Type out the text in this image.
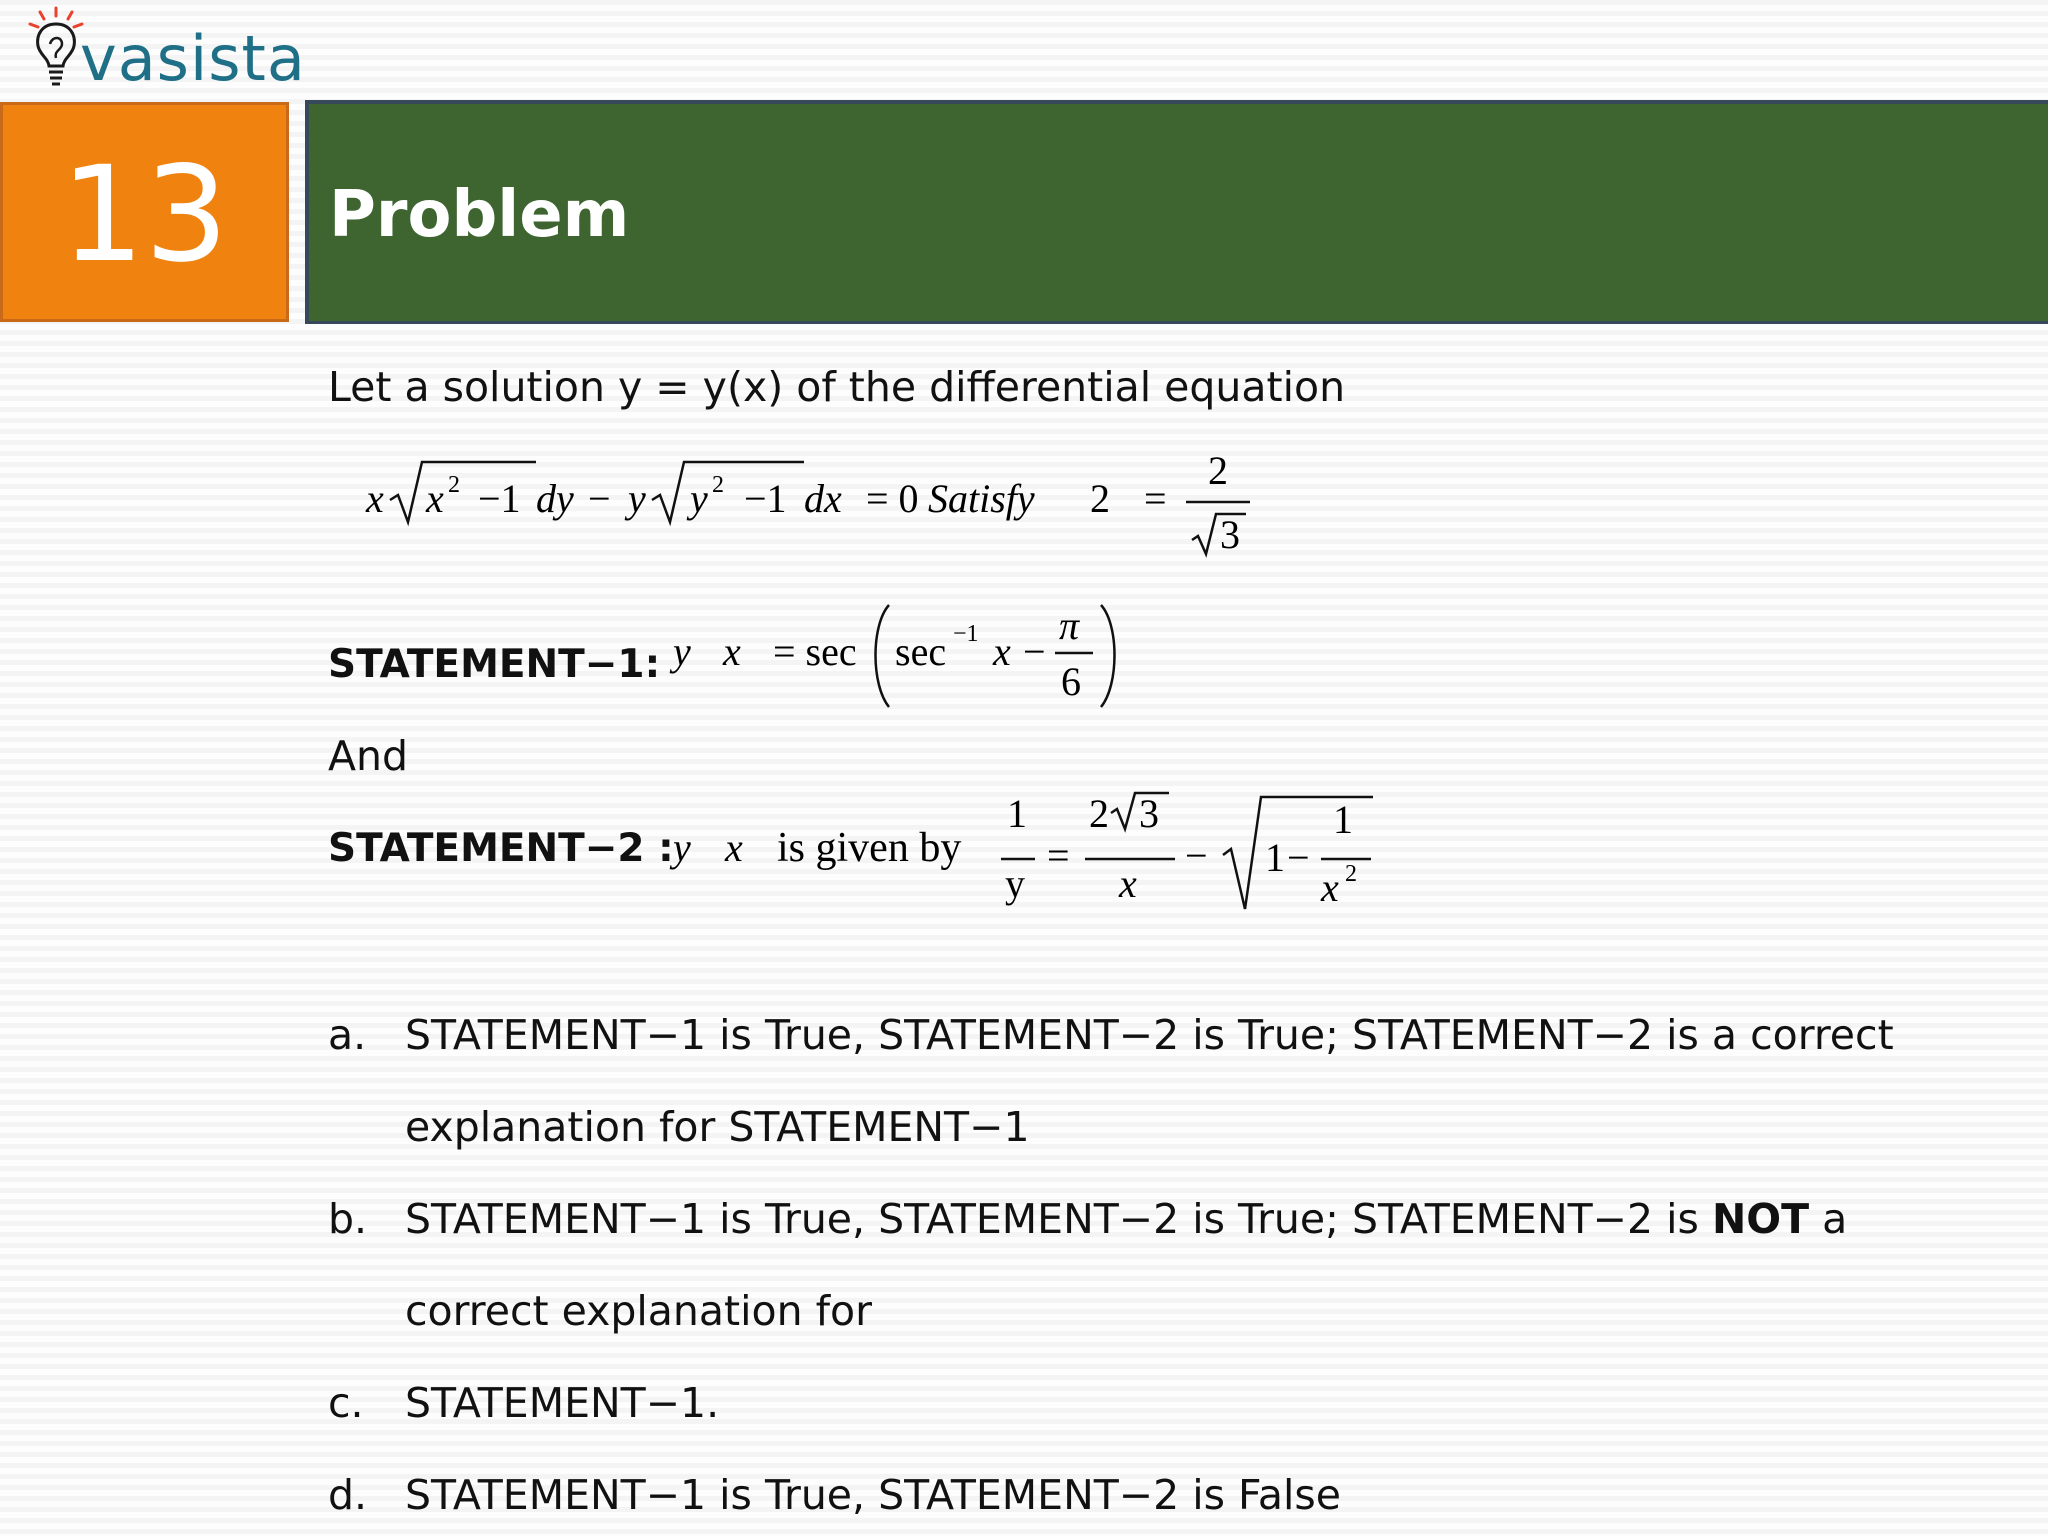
vasista
13 Problem
Let a solution y = y(x) of the differential equation
x x 2 −1 dy − y y 2 −1 dx = 0 Satisfy 2 =
2
3
STATEMENT−1: y x = sec sec −1 x −
π
6
And
STATEMENT−2 : y x is given by
1
y
=
2 3
x
− 1 −
1
x 2
a. STATEMENT−1 is True, STATEMENT−2 is True; STATEMENT−2 is a correct
explanation for STATEMENT−1
b. STATEMENT−1 is True, STATEMENT−2 is True; STATEMENT−2 is NOT a
correct explanation for
c. STATEMENT−1.
d. STATEMENT−1 is True, STATEMENT−2 is False
